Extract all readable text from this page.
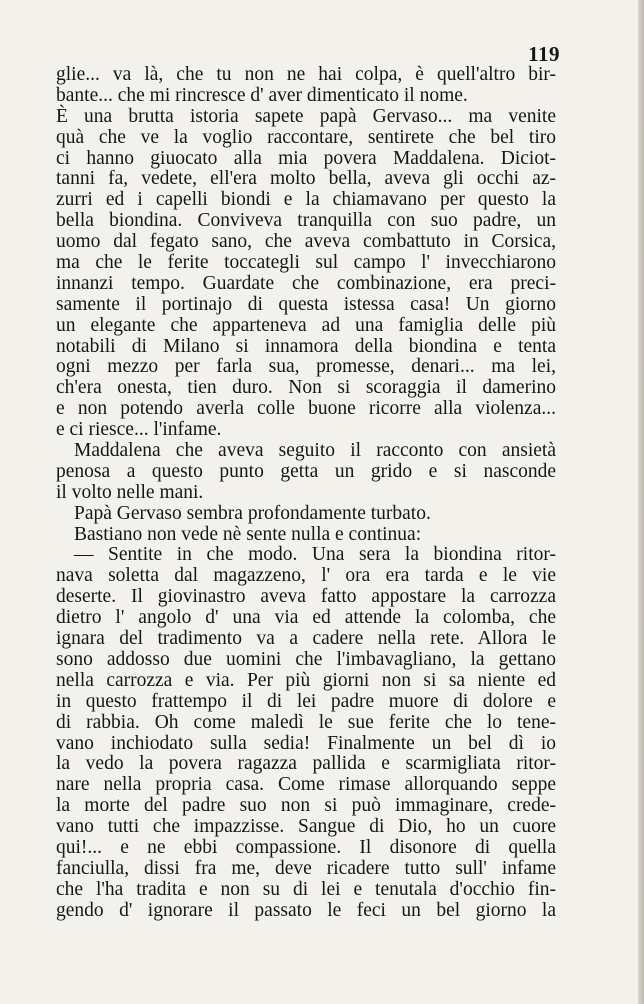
119
glie... va là, che tu non ne hai colpa, è quell'altro bir-
bante... che mi rincresce d' aver dimenticato il nome.
È una brutta istoria sapete papà Gervaso... ma venite
quà che ve la voglio raccontare, sentirete che bel tiro
ci hanno giuocato alla mia povera Maddalena. Diciot-
tanni fa, vedete, ell'era molto bella, aveva gli occhi az-
zurri ed i capelli biondi e la chiamavano per questo la
bella biondina. Conviveva tranquilla con suo padre, un
uomo dal fegato sano, che aveva combattuto in Corsica,
ma che le ferite toccategli sul campo l' invecchiarono
innanzi tempo. Guardate che combinazione, era preci-
samente il portinajo di questa istessa casa! Un giorno
un elegante che apparteneva ad una famiglia delle più
notabili di Milano si innamora della biondina e tenta
ogni mezzo per farla sua, promesse, denari... ma lei,
ch'era onesta, tien duro. Non si scoraggia il damerino
e non potendo averla colle buone ricorre alla violenza...
e ci riesce... l'infame.
Maddalena che aveva seguito il racconto con ansietà
penosa a questo punto getta un grido e si nasconde
il volto nelle mani.
Papà Gervaso sembra profondamente turbato.
Bastiano non vede nè sente nulla e continua:
— Sentite in che modo. Una sera la biondina ritor-
nava soletta dal magazzeno, l' ora era tarda e le vie
deserte. Il giovinastro aveva fatto appostare la carrozza
dietro l' angolo d' una via ed attende la colomba, che
ignara del tradimento va a cadere nella rete. Allora le
sono addosso due uomini che l'imbavagliano, la gettano
nella carrozza e via. Per più giorni non si sa niente ed
in questo frattempo il di lei padre muore di dolore e
di rabbia. Oh come maledì le sue ferite che lo tene-
vano inchiodato sulla sedia! Finalmente un bel dì io
la vedo la povera ragazza pallida e scarmigliata ritor-
nare nella propria casa. Come rimase allorquando seppe
la morte del padre suo non si può immaginare, crede-
vano tutti che impazzisse. Sangue di Dio, ho un cuore
qui!... e ne ebbi compassione. Il disonore di quella
fanciulla, dissi fra me, deve ricadere tutto sull' infame
che l'ha tradita e non su di lei e tenutala d'occhio fin-
gendo d' ignorare il passato le feci un bel giorno la
